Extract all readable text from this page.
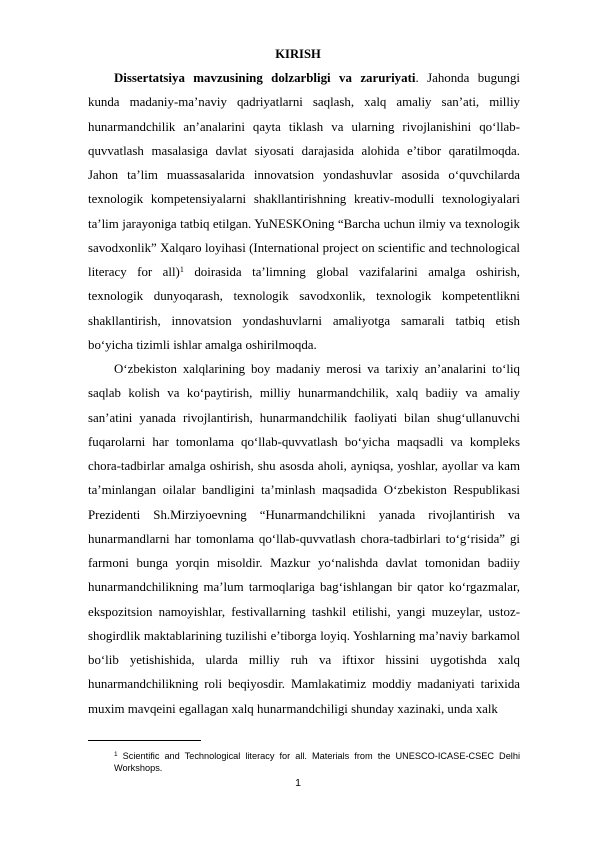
KIRISH

Dissertatsiya mavzusining dolzarbligi va zaruriyati. Jahonda bugungi kunda madaniy-ma’naviy qadriyatlarni saqlash, xalq amaliy san’ati, milliy hunarmandchilik an’analarini qayta tiklash va ularning rivojlanishini qo‘llab-quvvatlash masalasiga davlat siyosati darajasida alohida e’tibor qaratilmoqda. Jahon ta’lim muassasalarida innovatsion yondashuvlar asosida o‘quvchilarda texnologik kompetensiyalarni shakllantirishning kreativ-modulli texnologiyalari ta’lim jarayoniga tatbiq etilgan. YuNESKOning “Barcha uchun ilmiy va texnologik savodxonlik” Xalqaro loyihasi (International project on scientific and technological literacy for all)$^1$ doirasida ta’limning global vazifalarini amalga oshirish, texnologik dunyoqarash, texnologik savodxonlik, texnologik kompetentlikni shakllantirish, innovatsion yondashuvlarni amaliyotga samarali tatbiq etish bo‘yicha tizimli ishlar amalga oshirilmoqda.

O‘zbekiston xalqlarining boy madaniy merosi va tarixiy an’analarini to‘liq saqlab kolish va ko‘paytirish, milliy hunarmandchilik, xalq badiiy va amaliy san’atini yanada rivojlantirish, hunarmandchilik faoliyati bilan shug‘ullanuvchi fuqarolarni har tomonlama qo‘llab-quvvatlash bo‘yicha maqsadli va kompleks chora-tadbirlar amalga oshirish, shu asosda aholi, ayniqsa, yoshlar, ayollar va kam ta’minlangan oilalar bandligini ta’minlash maqsadida O‘zbekiston Respublikasi Prezidenti Sh.Mirziyoevning “Hunarmandchilikni yanada rivojlantirish va hunarmandlarni har tomonlama qo‘llab-quvvatlash chora-tadbirlari to‘g‘risida” gi farmoni bunga yorqin misoldir. Mazkur yo‘nalishda davlat tomonidan badiiy hunarmandchilikning ma’lum tarmoqlariga bag‘ishlangan bir qator ko‘rgazmalar, ekspozitsion namoyishlar, festivallarning tashkil etilishi, yangi muzeylar, ustoz-shogirdlik maktablarining tuzilishi e’tiborga loyiq. Yoshlarning ma’naviy barkamol bo‘lib yetishishida, ularda milliy ruh va iftixor hissini uygotishda xalq hunarmandchilikning roli beqiyosdir. Mamlakatimiz moddiy madaniyati tarixida muxim mavqeini egallagan xalq hunarmandchiligi shunday xazinaki, unda xalk

$^1$ Scientific and Technological literacy for all. Materials from the UNESCO-ICASE-CSEC Delhi Workshops.

1
